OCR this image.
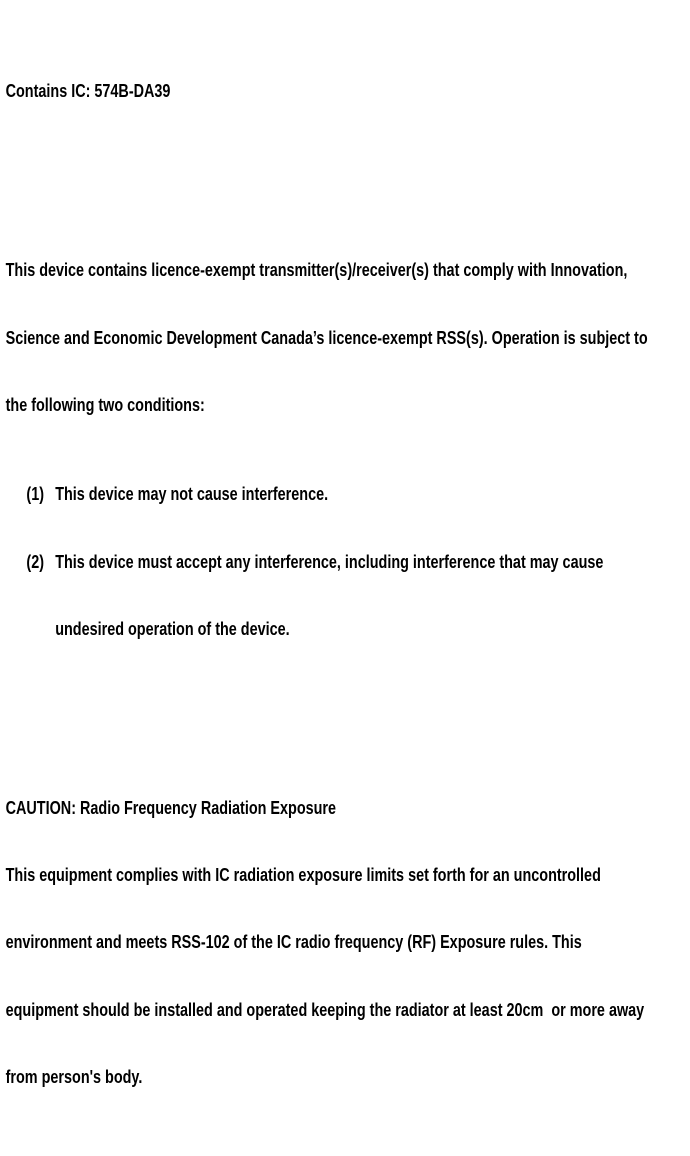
Contains IC: 574B-DA39

This device contains licence-exempt transmitter(s)/receiver(s) that comply with Innovation,

Science and Economic Development Canada’s licence-exempt RSS(s). Operation is subject to

the following two conditions:

(1) This device may not cause interference.

(2) This device must accept any interference, including interference that may cause

undesired operation of the device.

CAUTION: Radio Frequency Radiation Exposure

This equipment complies with IC radiation exposure limits set forth for an uncontrolled

environment and meets RSS-102 of the IC radio frequency (RF) Exposure rules. This

equipment should be installed and operated keeping the radiator at least 20cm  or more away

from person's body.
